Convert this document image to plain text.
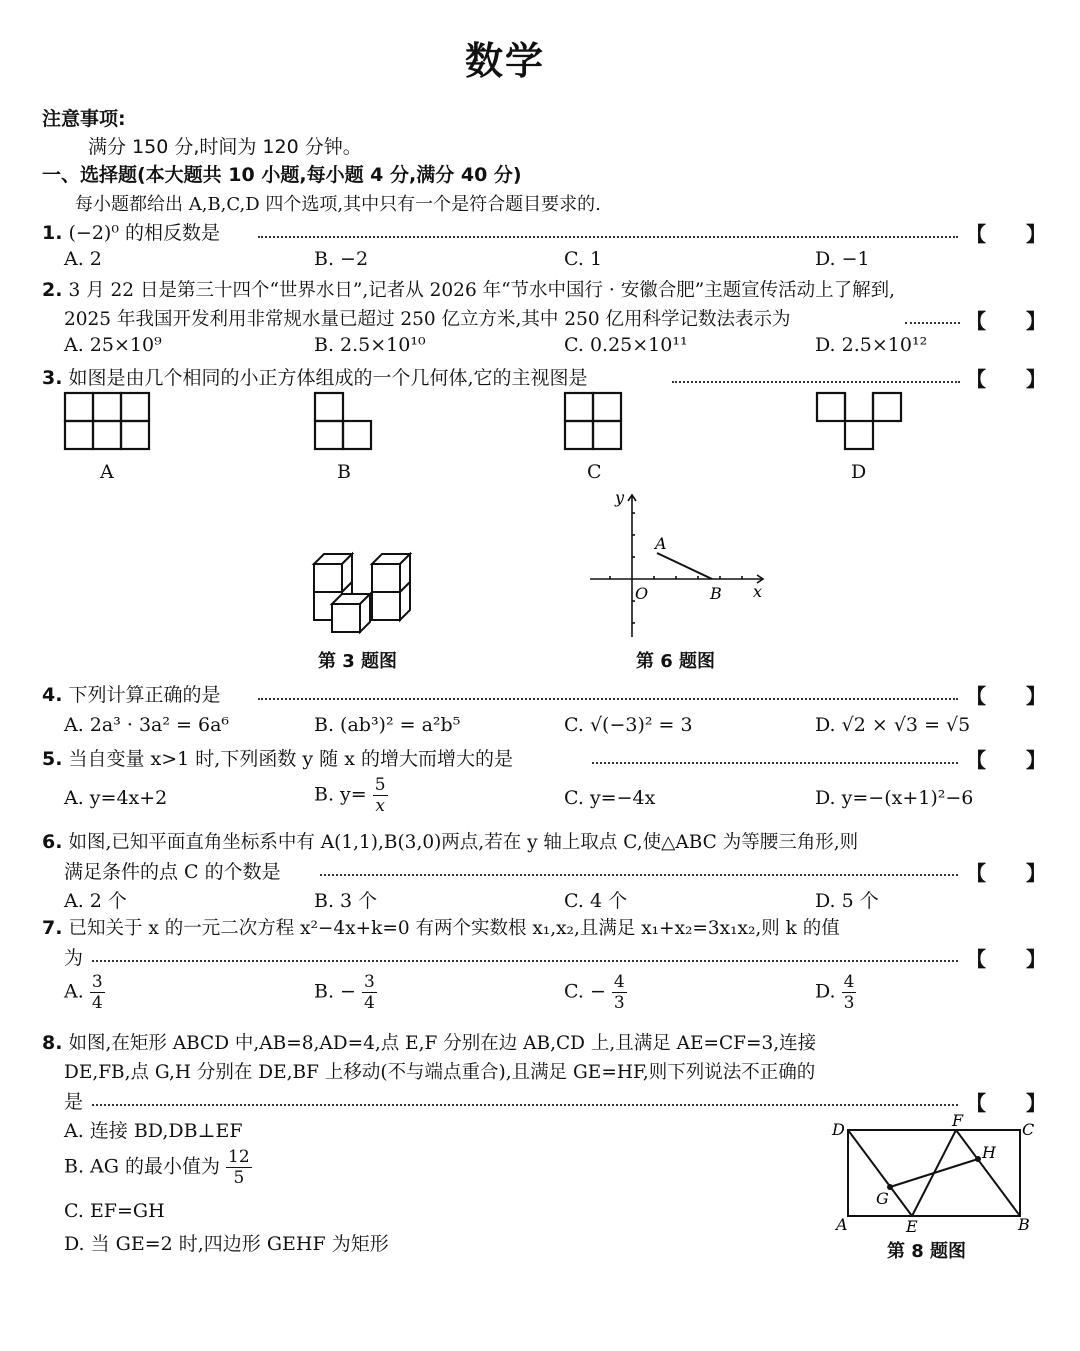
数学
注意事项:
满分 150 分,时间为 120 分钟。
一、选择题(本大题共 10 小题,每小题 4 分,满分 40 分)
每小题都给出 A,B,C,D 四个选项,其中只有一个是符合题目要求的.
1. (−2)⁰ 的相反数是	【　　】
A. 2	B. −2	C. 1	D. −1
2. 3 月 22 日是第三十四个“世界水日”,记者从 2026 年“节水中国行 · 安徽合肥”主题宣传活动上了解到,
2025 年我国开发利用非常规水量已超过 250 亿立方米,其中 250 亿用科学记数法表示为	【　　】
A. 25×10⁹	B. 2.5×10¹⁰	C. 0.25×10¹¹	D. 2.5×10¹²
3. 如图是由几个相同的小正方体组成的一个几何体,它的主视图是	【　　】
A	B	C	D
第 3 题图
y
x
O
A
B
第 6 题图
4. 下列计算正确的是	【　　】
A. 2a³ · 3a² = 6a⁶	B. (ab³)² = a²b⁵	C. √(−3)² = 3	D. √2 × √3 = √5
5. 当自变量 x>1 时,下列函数 y 随 x 的增大而增大的是	【　　】
A. y=4x+2	B. $y= \frac{5}{x}$	C. y=−4x	D. y=−(x+1)²−6
6. 如图,已知平面直角坐标系中有 A(1,1),B(3,0)两点,若在 y 轴上取点 C,使△ABC 为等腰三角形,则
满足条件的点 C 的个数是	【　　】
A. 2 个	B. 3 个	C. 4 个	D. 5 个
7. 已知关于 x 的一元二次方程 x²−4x+k=0 有两个实数根 x₁,x₂,且满足 x₁+x₂=3x₁x₂,则 k 的值
为	【　　】
A. $\frac{3}{4}$	B. − $\frac{3}{4}$	C. − $\frac{4}{3}$	D. $\frac{4}{3}$
8. 如图,在矩形 ABCD 中,AB=8,AD=4,点 E,F 分别在边 AB,CD 上,且满足 AE=CF=3,连接
DE,FB,点 G,H 分别在 DE,BF 上移动(不与端点重合),且满足 GE=HF,则下列说法不正确的
是	【　　】
A. 连接 BD,DB⊥EF
B. AG 的最小值为 $\frac{12}{5}$
C. EF=GH
D. 当 GE=2 时,四边形 GEHF 为矩形
D	C
A	B
E
F
G
H
第 8 题图
